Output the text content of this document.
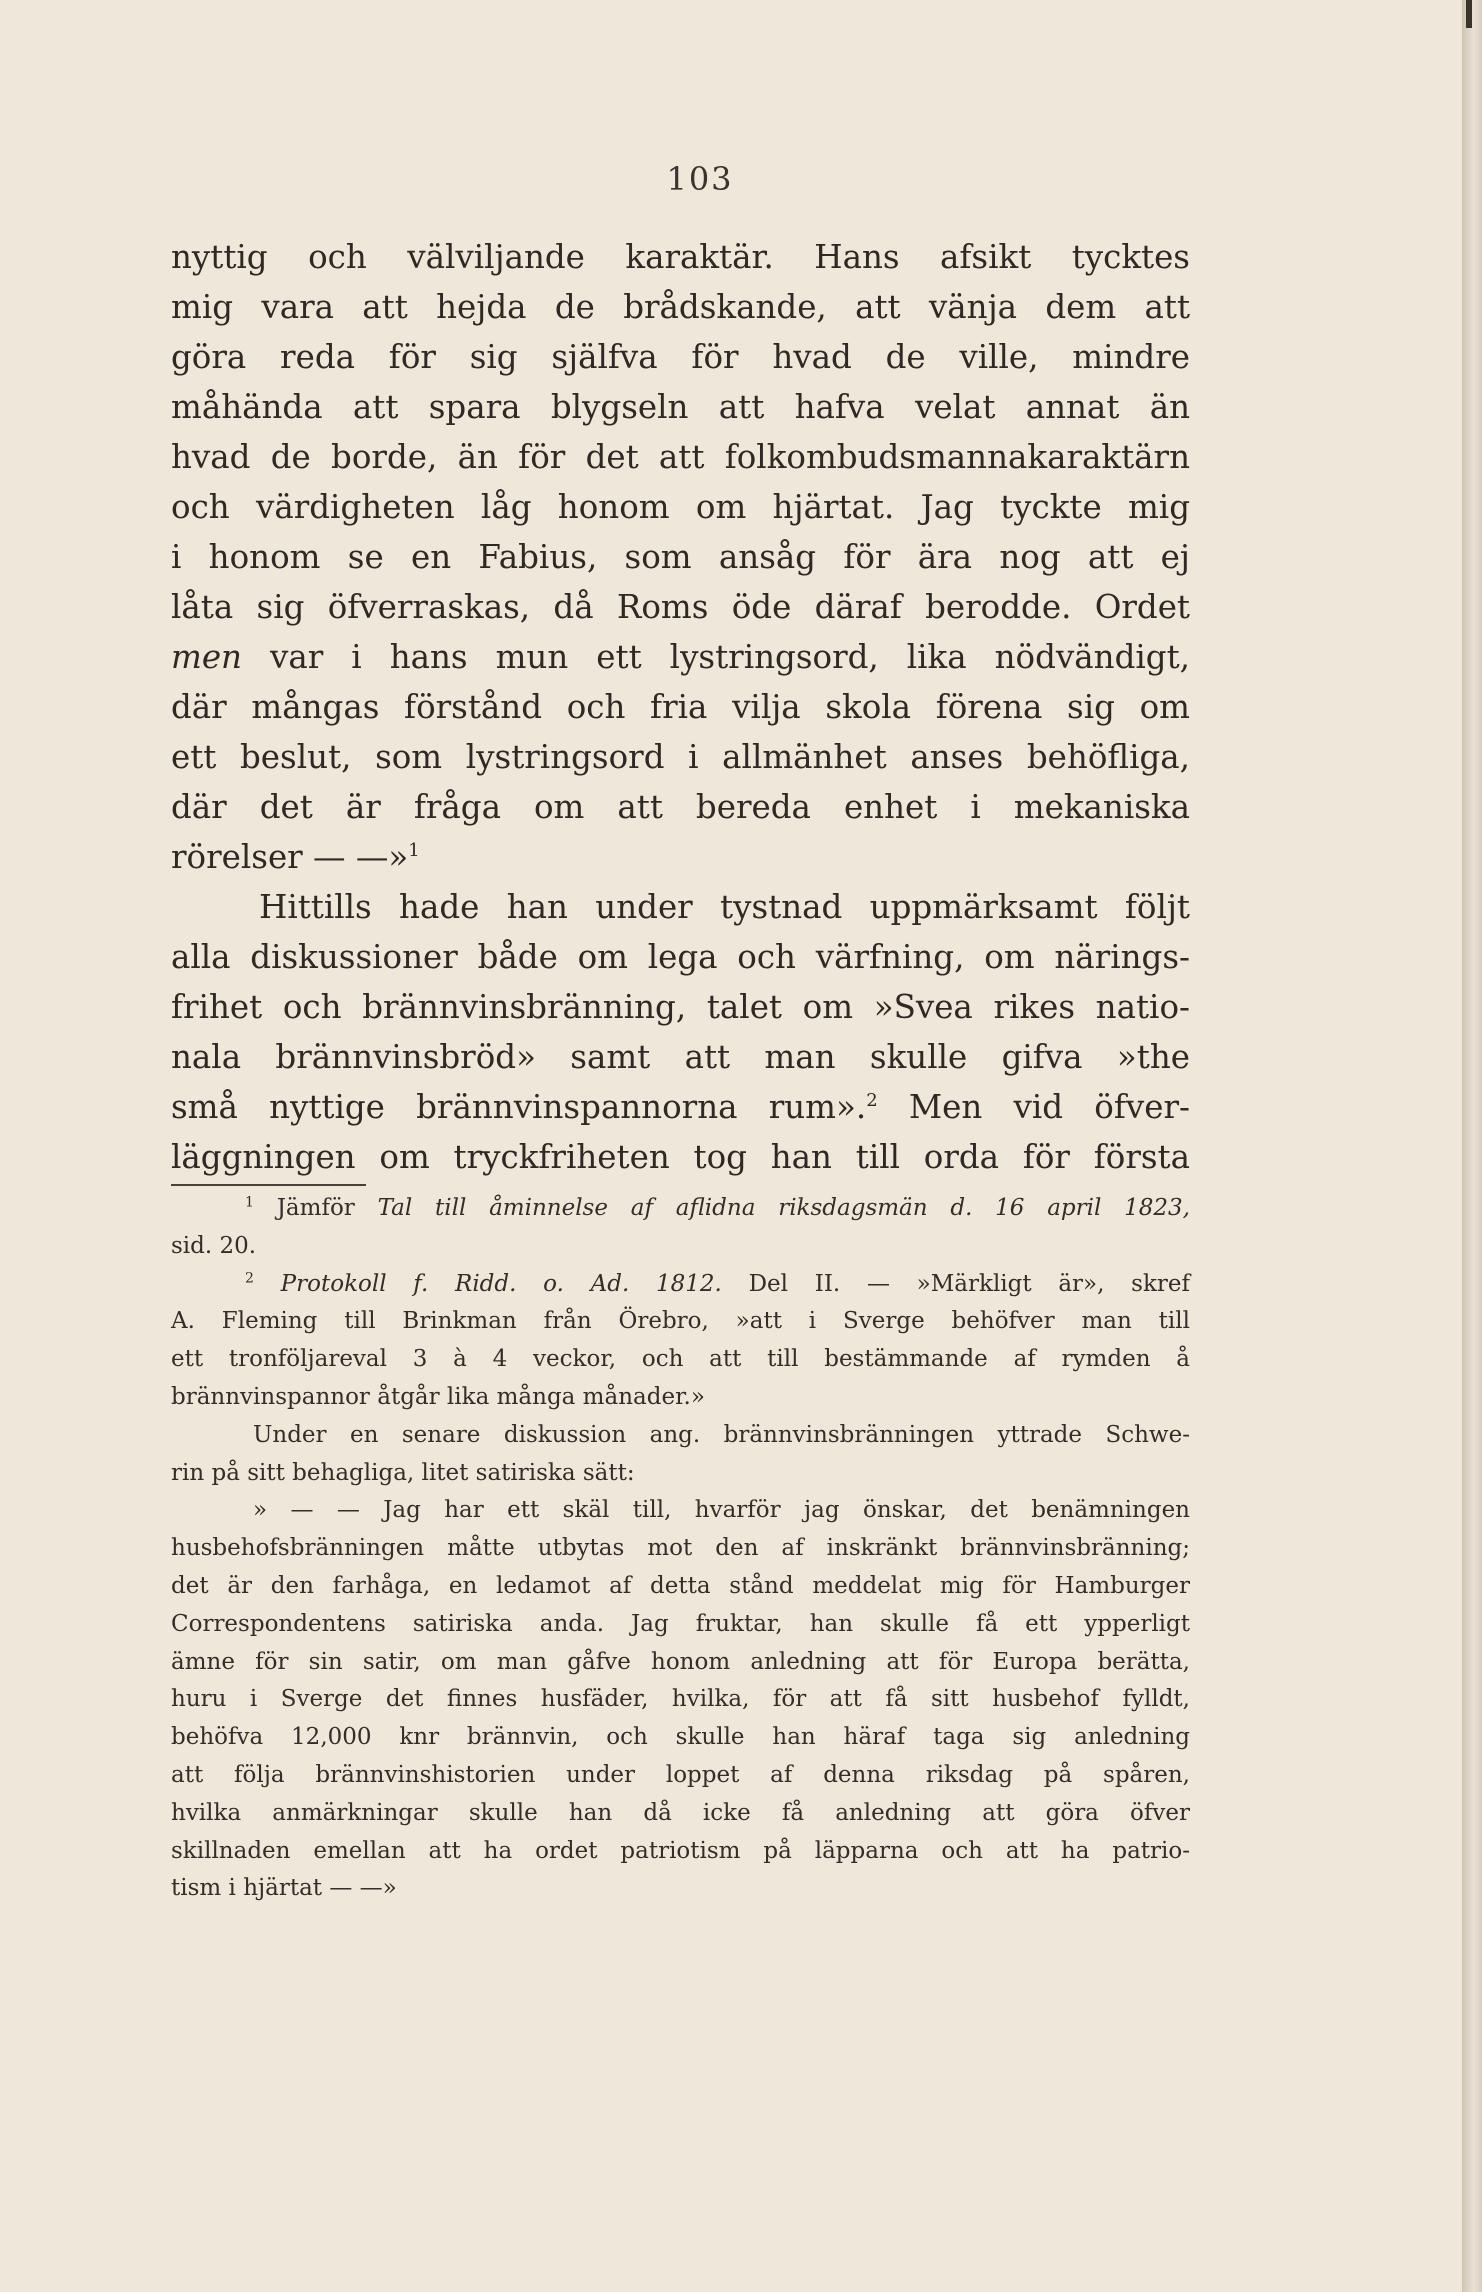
103
nyttig och välviljande karaktär. Hans afsikt tycktes
mig vara att hejda de brådskande, att vänja dem att
göra reda för sig själfva för hvad de ville, mindre
måhända att spara blygseln att hafva velat annat än
hvad de borde, än för det att folkombudsmannakaraktärn
och värdigheten låg honom om hjärtat. Jag tyckte mig
i honom se en Fabius, som ansåg för ära nog att ej
låta sig öfverraskas, då Roms öde däraf berodde. Ordet
men var i hans mun ett lystringsord, lika nödvändigt,
där mångas förstånd och fria vilja skola förena sig om
ett beslut, som lystringsord i allmänhet anses behöfliga,
där det är fråga om att bereda enhet i mekaniska
rörelser — —»$^1$
Hittills hade han under tystnad uppmärksamt följt
alla diskussioner både om lega och värfning, om närings-
frihet och brännvinsbränning, talet om »Svea rikes natio-
nala brännvinsbröd» samt att man skulle gifva »the
små nyttige brännvinspannorna rum».$^2$ Men vid öfver-
läggningen om tryckfriheten tog han till orda för första
$^1$ Jämför Tal till åminnelse af aflidna riksdagsmän d. 16 april 1823,
sid. 20.
$^2$ Protokoll f. Ridd. o. Ad. 1812. Del II. — »Märkligt är», skref
A. Fleming till Brinkman från Örebro, »att i Sverge behöfver man till
ett tronföljareval 3 à 4 veckor, och att till bestämmande af rymden å
brännvinspannor åtgår lika många månader.»
Under en senare diskussion ang. brännvinsbränningen yttrade Schwe-
rin på sitt behagliga, litet satiriska sätt:
» — — Jag har ett skäl till, hvarför jag önskar, det benämningen
husbehofsbränningen måtte utbytas mot den af inskränkt brännvinsbränning;
det är den farhåga, en ledamot af detta stånd meddelat mig för Hamburger
Correspondentens satiriska anda. Jag fruktar, han skulle få ett ypperligt
ämne för sin satir, om man gåfve honom anledning att för Europa berätta,
huru i Sverge det finnes husfäder, hvilka, för att få sitt husbehof fylldt,
behöfva 12,000 knr brännvin, och skulle han häraf taga sig anledning
att följa brännvinshistorien under loppet af denna riksdag på spåren,
hvilka anmärkningar skulle han då icke få anledning att göra öfver
skillnaden emellan att ha ordet patriotism på läpparna och att ha patrio-
tism i hjärtat — —»
